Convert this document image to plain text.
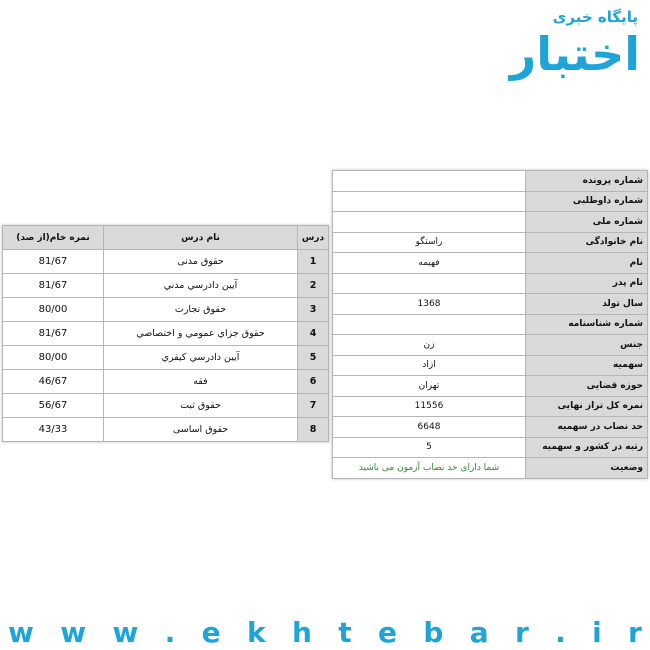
پایگاه خبری
اختبار
شماره پرونده	
شماره داوطلبی	
شماره ملی	
نام خانوادگی	راستگو
نام	فهیمه
نام پدر	
سال تولد	1368
شماره شناسنامه	
جنس	زن
سهمیه	ازاد
حوزه قضایی	تهران
نمره کل تراز نهایی	11556
حد نصاب در سهمیه	6648
رتبه در کشور و سهمیه	5
وضعیت	شما دارای حد نصاب آزمون می باشید
درس	نام درس	نمره خام(از صد)
1	حقوق مدنی	81/67
2	آيين دادرسي مدني	81/67
3	حقوق تجارت	80/00
4	حقوق جزاي عمومي و اختصاصي	81/67
5	آيين دادرسي كيفري	80/00
6	فقه	46/67
7	حقوق ثبت	56/67
8	حقوق اساسی	43/33
w w w . e k h t e b a r . i r
